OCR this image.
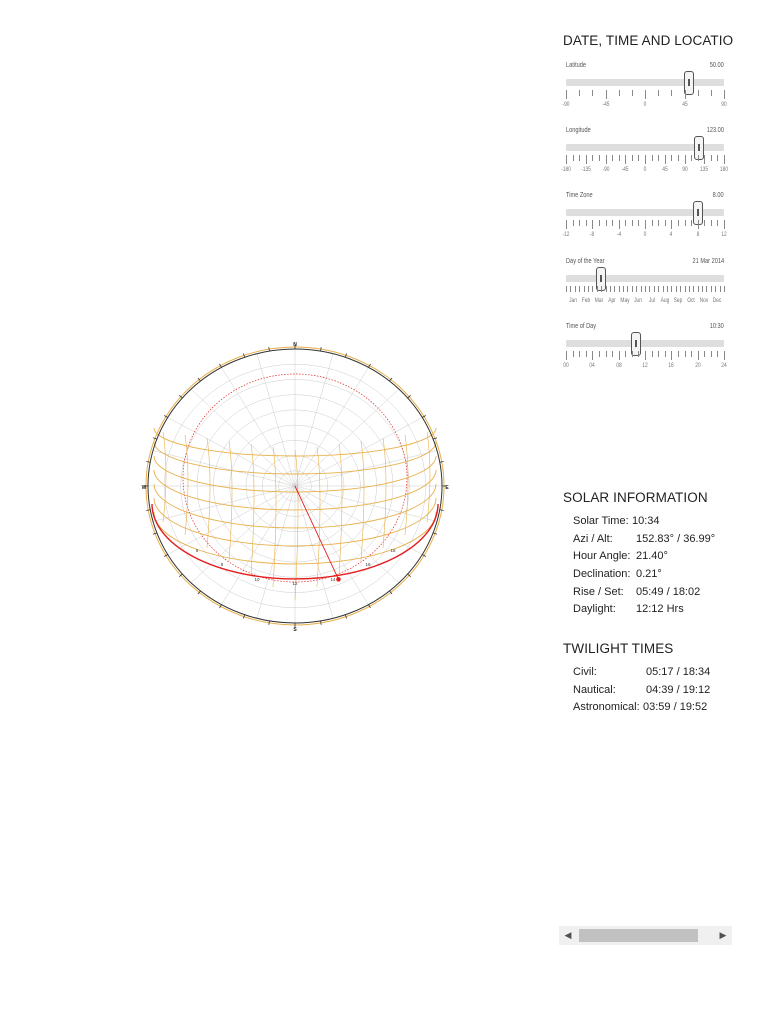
N
S
E
W
14
16
18
12
10
8
6
DATE, TIME AND LOCATIO
Latitude	50.00
-90	-45	0	45	90
Longitude	123.00
-180 -135 -90 -45 0 45 90 135 180
Time Zone	8.00
-12	-8	-4	0	4	8	12
Day of the Year	21 Mar 2014
Jan Feb Mar Apr May Jun Jul Aug Sep Oct Nov Dec
Time of Day	10:30
00	04	08	12	16	20	24
SOLAR INFORMATION
Solar Time: 10:34
Azi / Alt: 152.83° / 36.99°
Hour Angle: 21.40°
Declination: 0.21°
Rise / Set: 05:49 / 18:02
Daylight: 12:12 Hrs
TWILIGHT TIMES
Civil:	05:17 / 18:34
Nautical:	04:39 / 19:12
Astronomical: 03:59 / 19:52
◀	▶
